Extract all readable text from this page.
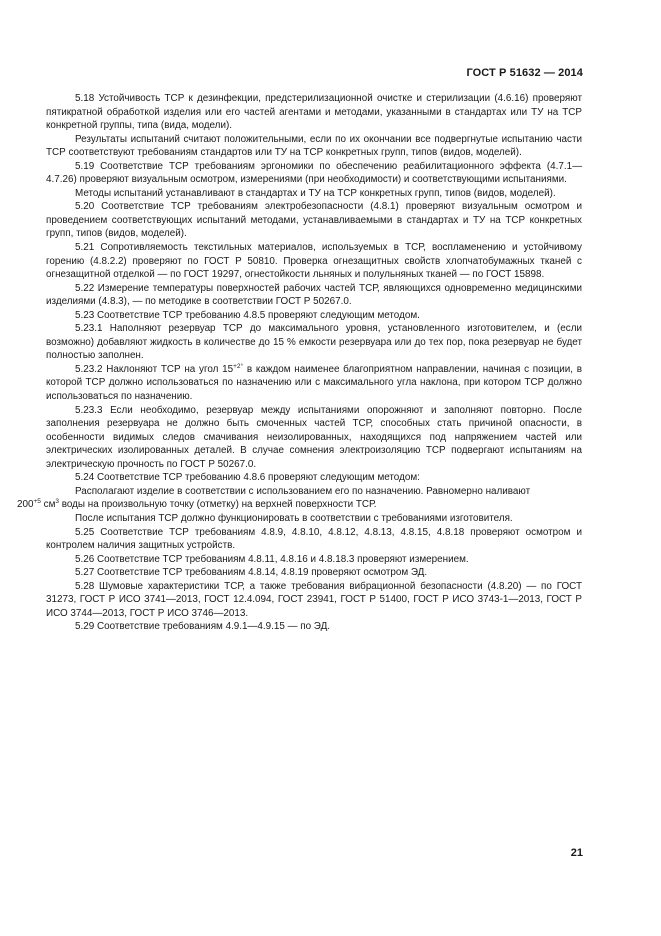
ГОСТ Р 51632 — 2014

5.18 Устойчивость ТСР к дезинфекции, предстерилизационной очистке и стерилизации (4.6.16) проверяют пятикратной обработкой изделия или его частей агентами и методами, указанными в стандартах или ТУ на ТСР конкретной группы, типа (вида, модели).

Результаты испытаний считают положительными, если по их окончании все подвергнутые испытанию части ТСР соответствуют требованиям стандартов или ТУ на ТСР конкретных групп, типов (видов, моделей).

5.19 Соответствие ТСР требованиям эргономики по обеспечению реабилитационного эффекта (4.7.1—4.7.26) проверяют визуальным осмотром, измерениями (при необходимости) и соответствующими испытаниями.

Методы испытаний устанавливают в стандартах и ТУ на ТСР конкретных групп, типов (видов, моделей).

5.20 Соответствие ТСР требованиям электробезопасности (4.8.1) проверяют визуальным осмотром и проведением соответствующих испытаний методами, устанавливаемыми в стандартах и ТУ на ТСР конкретных групп, типов (видов, моделей).

5.21 Сопротивляемость текстильных материалов, используемых в ТСР, воспламенению и устойчивому горению (4.8.2.2) проверяют по ГОСТ Р 50810. Проверка огнезащитных свойств хлопчатобумажных тканей с огнезащитной отделкой — по ГОСТ 19297, огнестойкости льняных и полульняных тканей — по ГОСТ 15898.

5.22 Измерение температуры поверхностей рабочих частей ТСР, являющихся одновременно медицинскими изделиями (4.8.3), — по методике в соответствии ГОСТ Р 50267.0.

5.23 Соответствие ТСР требованию 4.8.5 проверяют следующим методом.

5.23.1 Наполняют резервуар ТСР до максимального уровня, установленного изготовителем, и (если возможно) добавляют жидкость в количестве до 15 % емкости резервуара или до тех пор, пока резервуар не будет полностью заполнен.

5.23.2 Наклоняют ТСР на угол $15^{+2^\circ}$ в каждом наименее благоприятном направлении, начиная с позиции, в которой ТСР должно использоваться по назначению или с максимального угла наклона, при котором ТСР должно использоваться по назначению.

5.23.3 Если необходимо, резервуар между испытаниями опорожняют и заполняют повторно. После заполнения резервуара не должно быть смоченных частей ТСР, способных стать причиной опасности, в особенности видимых следов смачивания неизолированных, находящихся под напряжением частей или электрических изолированных деталей. В случае сомнения электроизоляцию ТСР подвергают испытаниям на электрическую прочность по ГОСТ Р 50267.0.

5.24 Соответствие ТСР требованию 4.8.6 проверяют следующим методом:

Располагают изделие в соответствии с использованием его по назначению. Равномерно наливают
$200^{+5}$ $см^3$ воды на произвольную точку (отметку) на верхней поверхности ТСР.

После испытания ТСР должно функционировать в соответствии с требованиями изготовителя.

5.25 Соответствие ТСР требованиям 4.8.9, 4.8.10, 4.8.12, 4.8.13, 4.8.15, 4.8.18 проверяют осмотром и контролем наличия защитных устройств.

5.26 Соответствие ТСР требованиям 4.8.11, 4.8.16 и 4.8.18.3 проверяют измерением.

5.27 Соответствие ТСР требованиям 4.8.14, 4.8.19 проверяют осмотром ЭД.

5.28 Шумовые характеристики ТСР, а также требования вибрационной безопасности (4.8.20) — по ГОСТ 31273, ГОСТ Р ИСО 3741—2013, ГОСТ 12.4.094, ГОСТ 23941, ГОСТ Р 51400, ГОСТ Р ИСО 3743-1—2013, ГОСТ Р ИСО 3744—2013, ГОСТ Р ИСО 3746—2013.

5.29 Соответствие требованиям 4.9.1—4.9.15 — по ЭД.

21
